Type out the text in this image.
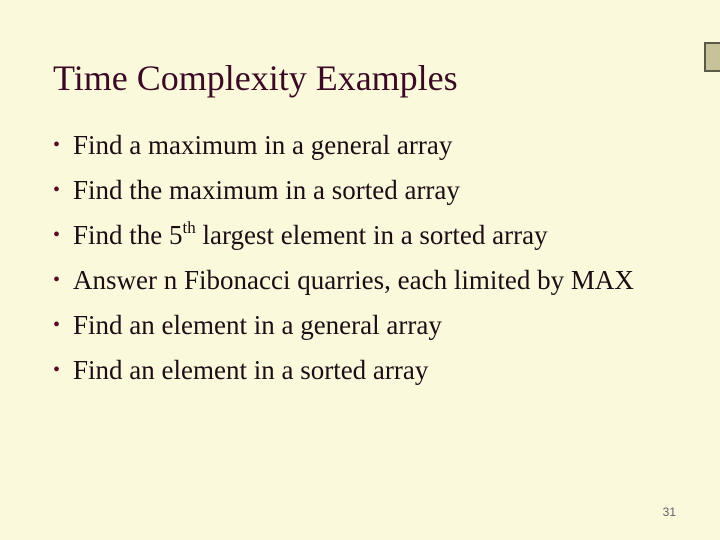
Time Complexity Examples
• Find a maximum in a general array
• Find the maximum in a sorted array
• Find the 5th largest element in a sorted array
• Answer n Fibonacci quarries, each limited by MAX
• Find an element in a general array
• Find an element in a sorted array
31
